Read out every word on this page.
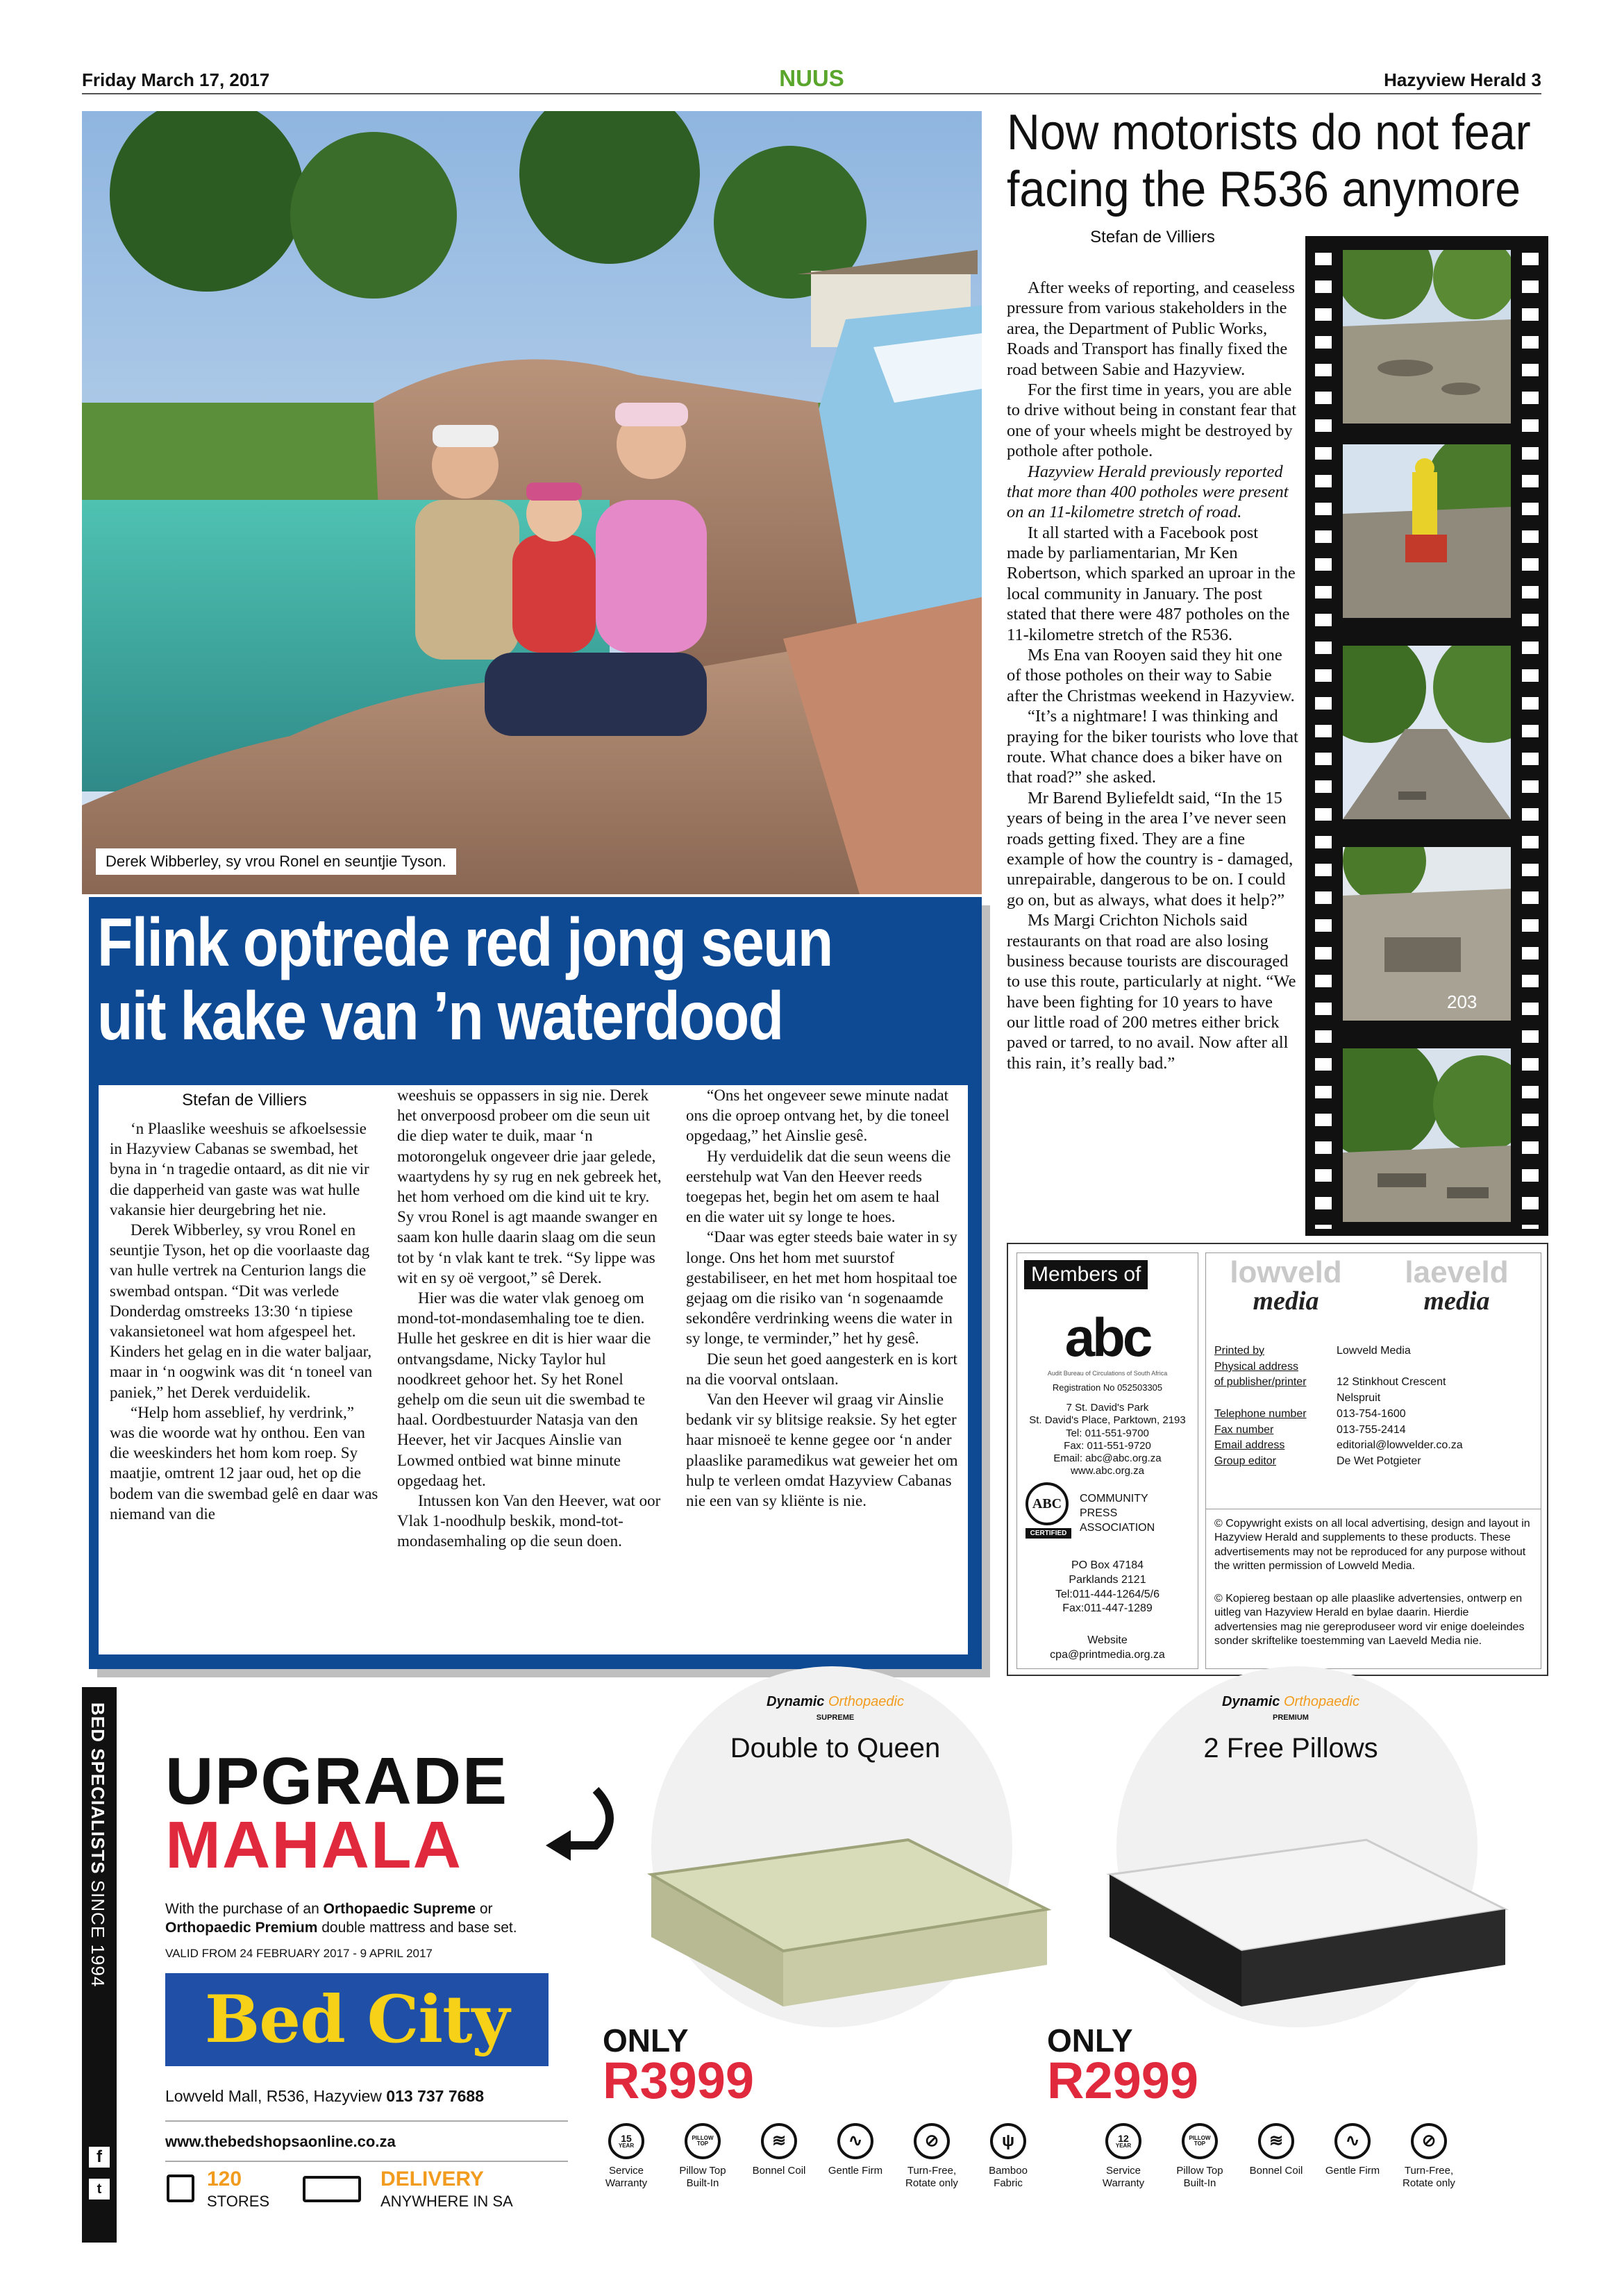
Friday March 17, 2017	NUUS	Hazyview Herald 3
Derek Wibberley, sy vrou Ronel en seuntjie Tyson.
Flink optrede red jong seun
uit kake van ’n waterdood
Stefan de Villiers

‘n Plaaslike weeshuis se afkoelsessie in Hazyview Cabanas se swembad, het byna in ‘n tragedie ontaard, as dit nie vir die dapperheid van gaste was wat hulle vakansie hier deurgebring het nie.

Derek Wibberley, sy vrou Ronel en seuntjie Tyson, het op die voorlaaste dag van hulle vertrek na Centurion langs die swembad ontspan. “Dit was verlede Donderdag omstreeks 13:30 ‘n tipiese vakansietoneel wat hom afgespeel het. Kinders het gelag en in die water baljaar, maar in ‘n oogwink was dit ‘n toneel van paniek,” het Derek verduidelik.

“Help hom asseblief, hy verdrink,” was die woorde wat hy onthou. Een van die weeskinders het hom kom roep. Sy maatjie, omtrent 12 jaar oud, het op die bodem van die swembad gelê en daar was niemand van die

weeshuis se oppassers in sig nie. Derek het onverpoosd probeer om die seun uit die diep water te duik, maar ‘n motorongeluk ongeveer drie jaar gelede, waartydens hy sy rug en nek gebreek het, het hom verhoed om die kind uit te kry. Sy vrou Ronel is agt maande swanger en saam kon hulle daarin slaag om die seun tot by ‘n vlak kant te trek. “Sy lippe was wit en sy oë vergoot,” sê Derek.

Hier was die water vlak genoeg om mond-tot-mondasemhaling toe te dien. Hulle het geskree en dit is hier waar die ontvangsdame, Nicky Taylor hul noodkreet gehoor het. Sy het Ronel gehelp om die seun uit die swembad te haal. Oordbestuurder Natasja van den Heever, het vir Jacques Ainslie van Lowmed ontbied wat binne minute opgedaag het.

Intussen kon Van den Heever, wat oor Vlak 1-noodhulp beskik, mond-tot-mondasemhaling op die seun doen.

“Ons het ongeveer sewe minute nadat ons die oproep ontvang het, by die toneel opgedaag,” het Ainslie gesê.

Hy verduidelik dat die seun weens die eerstehulp wat Van den Heever reeds toegepas het, begin het om asem te haal en die water uit sy longe te hoes.

“Daar was egter steeds baie water in sy longe. Ons het hom met suurstof gestabiliseer, en het met hom hospitaal toe gejaag om die risiko van ‘n sogenaamde sekondêre verdrinking weens die water in sy longe, te verminder,” het hy gesê.

Die seun het goed aangesterk en is kort na die voorval ontslaan.

Van den Heever wil graag vir Ainslie bedank vir sy blitsige reaksie. Sy het egter haar misnoeë te kenne gegee oor ‘n ander plaaslike paramedikus wat geweier het om hulp te verleen omdat Hazyview Cabanas nie een van sy kliënte is nie.

Now motorists do not fear
facing the R536 anymore
Stefan de Villiers

After weeks of reporting, and ceaseless pressure from various stakeholders in the area, the Department of Public Works, Roads and Transport has finally fixed the road between Sabie and Hazyview.

For the first time in years, you are able to drive without being in constant fear that one of your wheels might be destroyed by pothole after pothole.

Hazyview Herald previously reported that more than 400 potholes were present on an 11-kilometre stretch of road.

It all started with a Facebook post made by parliamentarian, Mr Ken Robertson, which sparked an uproar in the local community in January. The post stated that there were 487 potholes on the 11-kilometre stretch of the R536.

Ms Ena van Rooyen said they hit one of those potholes on their way to Sabie after the Christmas weekend in Hazyview.

“It’s a nightmare! I was thinking and praying for the biker tourists who love that route. What chance does a biker have on that road?” she asked.

Mr Barend Byliefeldt said, “In the 15 years of being in the area I’ve never seen roads getting fixed. They are a fine example of how the country is - damaged, unrepairable, dangerous to be on. I could go on, but as always, what does it help?”

Ms Margi Crichton Nichols said restaurants on that road are also losing business because tourists are discouraged to use this route, particularly at night. “We have been fighting for 10 years to have our little road of 200 metres either brick paved or tarred, to no avail. Now after all this rain, it’s really bad.”

203
Members of
abc
Audit Bureau of Circulations of South Africa
Registration No 052503305
7 St. David's Park
St. David's Place, Parktown, 2193
Tel: 011-551-9700
Fax: 011-551-9720
Email: abc@abc.org.za
www.abc.org.za
ABC
CERTIFIED
COMMUNITY
PRESS
ASSOCIATION
PO Box 47184
Parklands 2121
Tel:011-444-1264/5/6
Fax:011-447-1289
Website
cpa@printmedia.org.za
lowveld
media
laeveld
media
Printed by	Lowveld Media
Physical address
of publisher/printer	12 Stinkhout Crescent
Nelspruit
Telephone number	013-754-1600
Fax number	013-755-2414
Email address	editorial@lowvelder.co.za
Group editor	De Wet Potgieter
© Copywright exists on all local advertising, design and layout in Hazyview Herald and supplements to these products. These advertisements may not be reproduced for any purpose without the written permission of Lowveld Media.
© Kopiereg bestaan op alle plaaslike advertensies, ontwerp en uitleg van Hazyview Herald en bylae daarin. Hierdie advertensies mag nie gereproduseer word vir enige doeleindes sonder skriftelike toestemming van Laeveld Media nie.
BED SPECIALISTS SINCE 1994
f
t
UPGRADE
MAHALA
With the purchase of an Orthopaedic Supreme or Orthopaedic Premium double mattress and base set.
VALID FROM 24 FEBRUARY 2017 - 9 APRIL 2017
Bed City
Lowveld Mall, R536, Hazyview 013 737 7688
www.thebedshopsaonline.co.za
120
STORES
DELIVERY
ANYWHERE IN SA
Dynamic Orthopaedic
SUPREME
Double to Queen
ONLY
R3999
15
YEAR
Service Warranty
PILLOW TOP
Pillow Top Built-In
≋
Bonnel Coil
∿
Gentle Firm
⊘
Turn-Free, Rotate only
ψ
Bamboo Fabric
Dynamic Orthopaedic
PREMIUM
2 Free Pillows
ONLY
R2999
12
YEAR
Service Warranty
PILLOW TOP
Pillow Top Built-In
≋
Bonnel Coil
∿
Gentle Firm
⊘
Turn-Free, Rotate only
